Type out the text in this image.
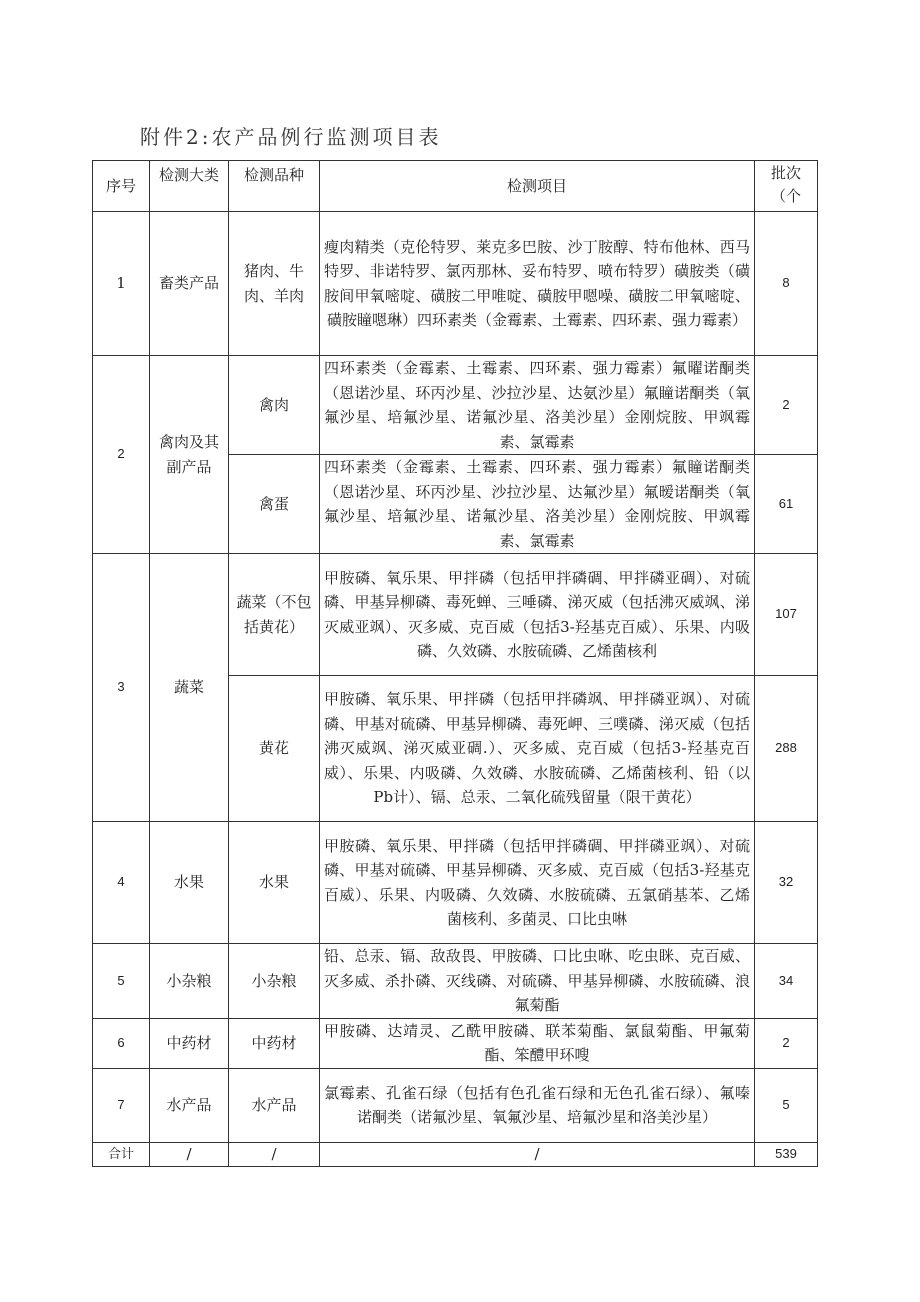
附件2:农产品例行监测项目表
序号	检测大类	检测品种	检测项目	批次
（个
1	畜类产品	猪肉、牛肉、羊肉	瘦肉精类（克伦特罗、莱克多巴胺、沙丁胺醇、特布他林、西马特罗、非诺特罗、氯丙那林、妥布特罗、喷布特罗）磺胺类（磺胺间甲氧嘧啶、磺胺二甲唯啶、磺胺甲嗯噪、磺胺二甲氧嘧啶、磺胺瞳嗯琳）四环素类（金霉素、土霉素、四环素、强力霉素）	8
2	禽肉及其副产品	禽肉	四环素类（金霉素、土霉素、四环素、强力霉素）氟曜诺酮类（恩诺沙星、环丙沙星、沙拉沙星、达氨沙星）氟瞳诺酮类（氧氟沙星、培氟沙星、诺氟沙星、洛美沙星）金刚烷胺、甲飒霉素、氯霉素	2
		禽蛋	四环素类（金霉素、土霉素、四环素、强力霉素）氟瞳诺酮类（恩诺沙星、环丙沙星、沙拉沙星、达氟沙星）氟暧诺酮类（氧氟沙星、培氟沙星、诺氟沙星、洛美沙星）金刚烷胺、甲飒霉素、氯霉素	61
3	蔬菜	蔬菜（不包括黄花）	甲胺磷、氧乐果、甲拌磷（包括甲拌磷碉、甲拌磷亚碉）、对硫磷、甲基异柳磷、毒死蝉、三唾磷、涕灭威（包括沸灭威飒、涕灭威亚飒）、灭多威、克百威（包括3-羟基克百威）、乐果、内吸磷、久效磷、水胺硫磷、乙烯菌核利	107
		黄花	甲胺磷、氧乐果、甲拌磷（包括甲拌磷飒、甲拌磷亚飒）、对硫磷、甲基对硫磷、甲基异柳磷、毒死岬、三噗磷、涕灭威（包括沸灭威飒、涕灭威亚碉.）、灭多威、克百威（包括3-羟基克百威）、乐果、内吸磷、久效磷、水胺硫磷、乙烯菌核利、铅（以Pb计）、镉、总汞、二氧化硫残留量（限干黄花）	288
4	水果	水果	甲胺磷、氧乐果、甲拌磷（包括甲拌磷碉、甲拌磷亚飒）、对硫磷、甲基对硫磷、甲基异柳磷、灭多威、克百威（包括3-羟基克百威）、乐果、内吸磷、久效磷、水胺硫磷、五氯硝基苯、乙烯菌核利、多菌灵、口比虫啉	32
5	小杂粮	小杂粮	铅、总汞、镉、敌敌畏、甲胺磷、口比虫咻、吃虫眯、克百威、灭多威、杀扑磷、灭线磷、对硫磷、甲基异柳磷、水胺硫磷、浪氟菊酯	34
6	中药材	中药材	甲胺磷、达靖灵、乙酰甲胺磷、联苯菊酯、氯鼠菊酯、甲氟菊酯、笨醴甲环嗖	2
7	水产品	水产品	氯霉素、孔雀石绿（包括有色孔雀石绿和无色孔雀石绿）、氟嗪诺酮类（诺氟沙星、氧氟沙星、培氟沙星和洛美沙星）	5
合计	/	/	/	539
